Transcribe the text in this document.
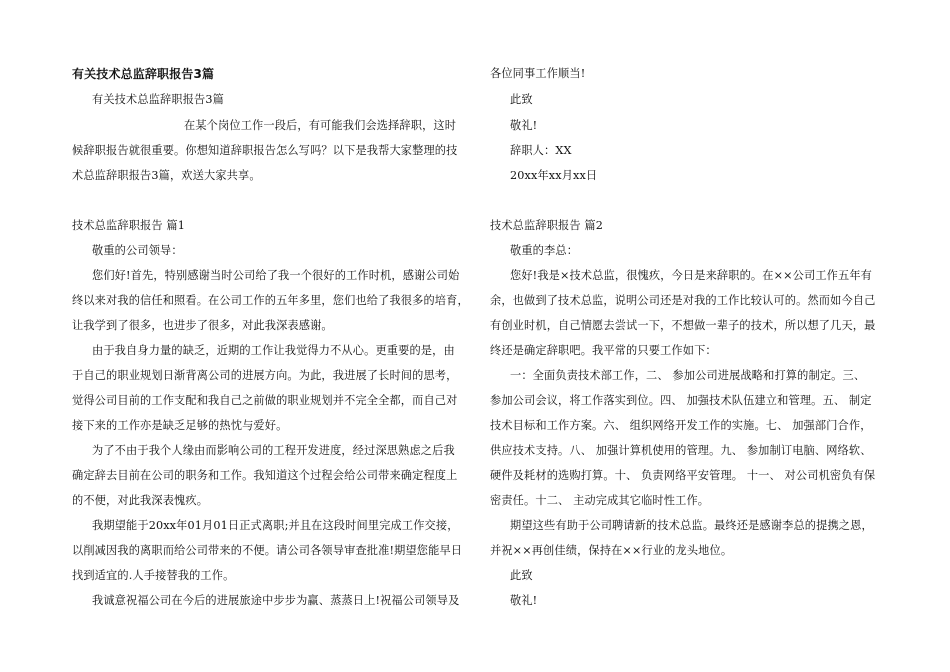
有关技术总监辞职报告3篇
有关技术总监辞职报告3篇
在某个岗位工作一段后，有可能我们会选择辞职，这时
候辞职报告就很重要。你想知道辞职报告怎么写吗？以下是我帮大家整理的技
术总监辞职报告3篇，欢送大家共享。
技术总监辞职报告 篇1
敬重的公司领导：
您们好!首先，特别感谢当时公司给了我一个很好的工作时机，感谢公司始
终以来对我的信任和照看。在公司工作的五年多里，您们也给了我很多的培育，
让我学到了很多，也进步了很多，对此我深表感谢。
由于我自身力量的缺乏，近期的工作让我觉得力不从心。更重要的是，由
于自己的职业规划日渐背离公司的进展方向。为此，我进展了长时间的思考，
觉得公司目前的工作支配和我自己之前做的职业规划并不完全全都，而自己对
接下来的工作亦是缺乏足够的热忱与爱好。
为了不由于我个人缘由而影响公司的工程开发进度，经过深思熟虑之后我
确定辞去目前在公司的职务和工作。我知道这个过程会给公司带来确定程度上
的不便，对此我深表愧疚。
我期望能于20xx年01月01日正式离职;并且在这段时间里完成工作交接，
以削减因我的离职而给公司带来的不便。请公司各领导审查批准!期望您能早日
找到适宜的.人手接替我的工作。
我诚意祝福公司在今后的进展旅途中步步为赢、蒸蒸日上!祝福公司领导及
各位同事工作顺当!
此致
敬礼!
辞职人：XX
20xx年xx月xx日
技术总监辞职报告 篇2
敬重的李总：
您好!我是×技术总监，很愧疚，今日是来辞职的。在××公司工作五年有
余，也做到了技术总监，说明公司还是对我的工作比较认可的。然而如今自己
有创业时机，自己情愿去尝试一下，不想做一辈子的技术，所以想了几天，最
终还是确定辞职吧。我平常的只要工作如下：
一：全面负责技术部工作，二、 参加公司进展战略和打算的制定。三、
参加公司会议，将工作落实到位。四、 加强技术队伍建立和管理。五、 制定
技术目标和工作方案。六、 组织网络开发工作的实施。七、 加强部门合作，
供应技术支持。八、 加强计算机使用的管理。九、 参加制订电脑、网络软、
硬件及耗材的选购打算。十、 负责网络平安管理。 十一、 对公司机密负有保
密责任。十二、 主动完成其它临时性工作。
期望这些有助于公司聘请新的技术总监。最终还是感谢李总的提携之恩，
并祝××再创佳绩，保持在××行业的龙头地位。
此致
敬礼!
